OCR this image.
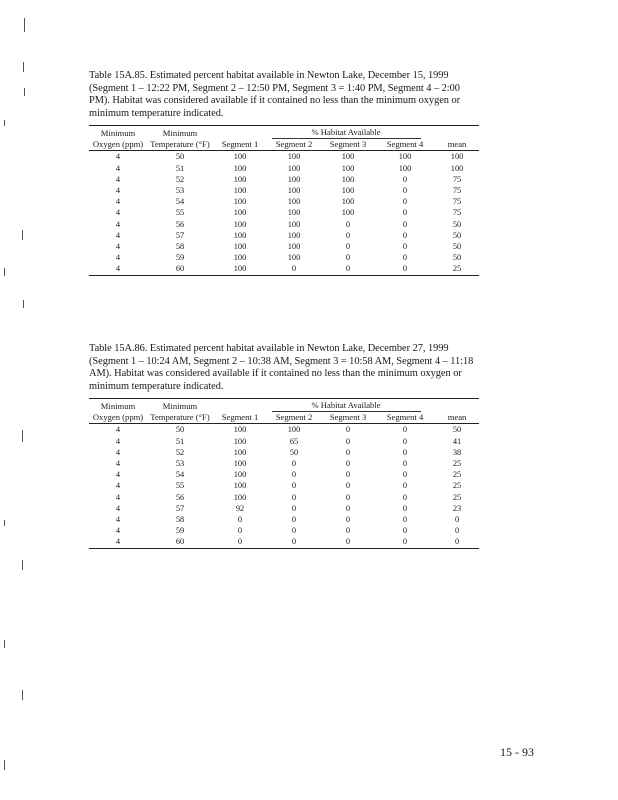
Table 15A.85. Estimated percent habitat available in Newton Lake, December 15, 1999 (Segment 1 – 12:22 PM, Segment 2 – 12:50 PM, Segment 3 = 1:40 PM, Segment 4 – 2:00 PM). Habitat was considered available if it contained no less than the minimum oxygen or minimum temperature indicated.

Minimum	Minimum	% Habitat Available				
Oxygen (ppm)	Temperature (°F)	Segment 1	Segment 2	Segment 3	Segment 4	mean
4	50	100	100	100	100	100
4	51	100	100	100	100	100
4	52	100	100	100	0	75
4	53	100	100	100	0	75
4	54	100	100	100	0	75
4	55	100	100	100	0	75
4	56	100	100	0	0	50
4	57	100	100	0	0	50
4	58	100	100	0	0	50
4	59	100	100	0	0	50
4	60	100	0	0	0	25

Table 15A.86. Estimated percent habitat available in Newton Lake, December 27, 1999 (Segment 1 – 10:24 AM, Segment 2 – 10:38 AM, Segment 3 = 10:58 AM, Segment 4 – 11:18 AM). Habitat was considered available if it contained no less than the minimum oxygen or minimum temperature indicated.

Minimum	Minimum	% Habitat Available				
Oxygen (ppm)	Temperature (°F)	Segment 1	Segment 2	Segment 3	Segment 4	mean
4	50	100	100	0	0	50
4	51	100	65	0	0	41
4	52	100	50	0	0	38
4	53	100	0	0	0	25
4	54	100	0	0	0	25
4	55	100	0	0	0	25
4	56	100	0	0	0	25
4	57	92	0	0	0	23
4	58	0	0	0	0	0
4	59	0	0	0	0	0
4	60	0	0	0	0	0
15 - 93
